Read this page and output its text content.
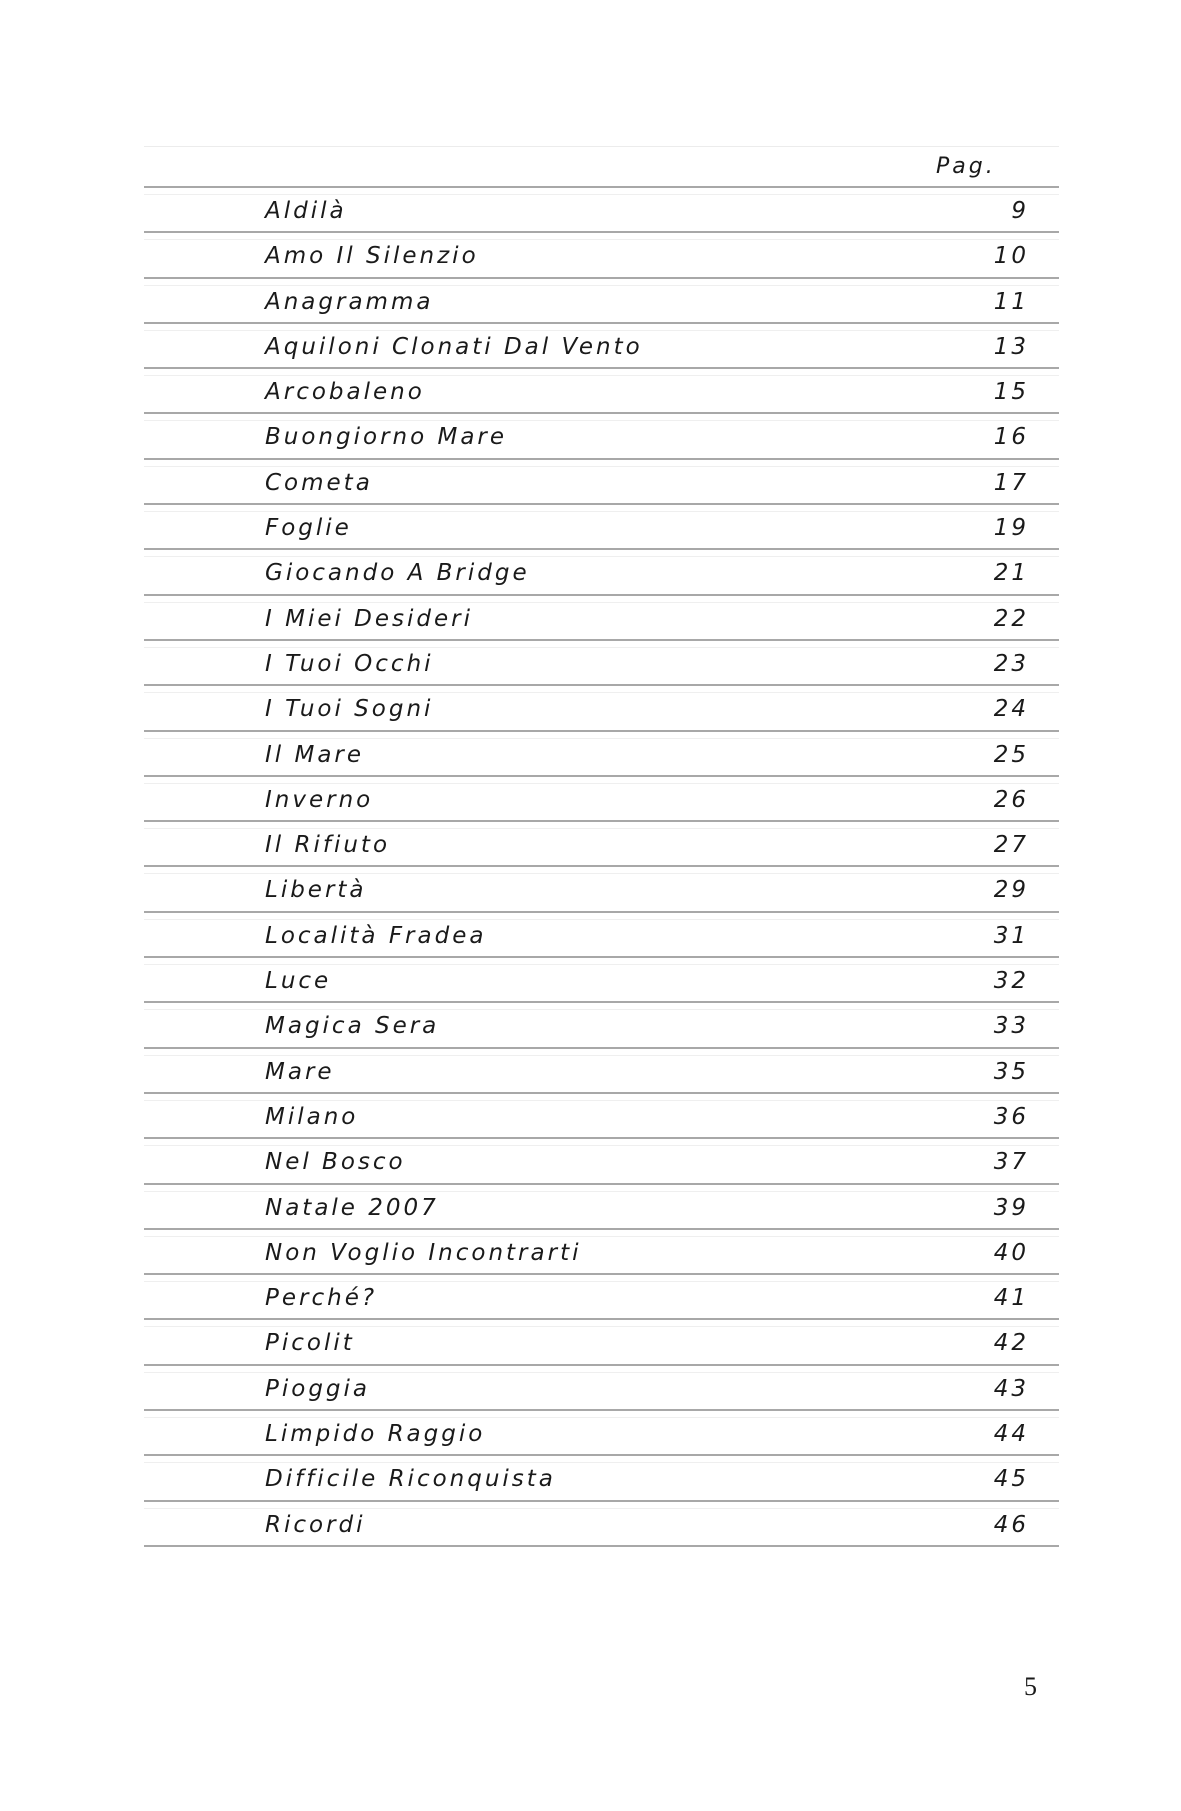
Pag.
Aldilà	9
Amo Il Silenzio	10
Anagramma	11
Aquiloni Clonati Dal Vento	13
Arcobaleno	15
Buongiorno Mare	16
Cometa	17
Foglie	19
Giocando A Bridge	21
I Miei Desideri	22
I Tuoi Occhi	23
I Tuoi Sogni	24
Il Mare	25
Inverno	26
Il Rifiuto	27
Libertà	29
Località Fradea	31
Luce	32
Magica Sera	33
Mare	35
Milano	36
Nel Bosco	37
Natale 2007	39
Non Voglio Incontrarti	40
Perché?	41
Picolit	42
Pioggia	43
Limpido Raggio	44
Difficile Riconquista	45
Ricordi	46
5
